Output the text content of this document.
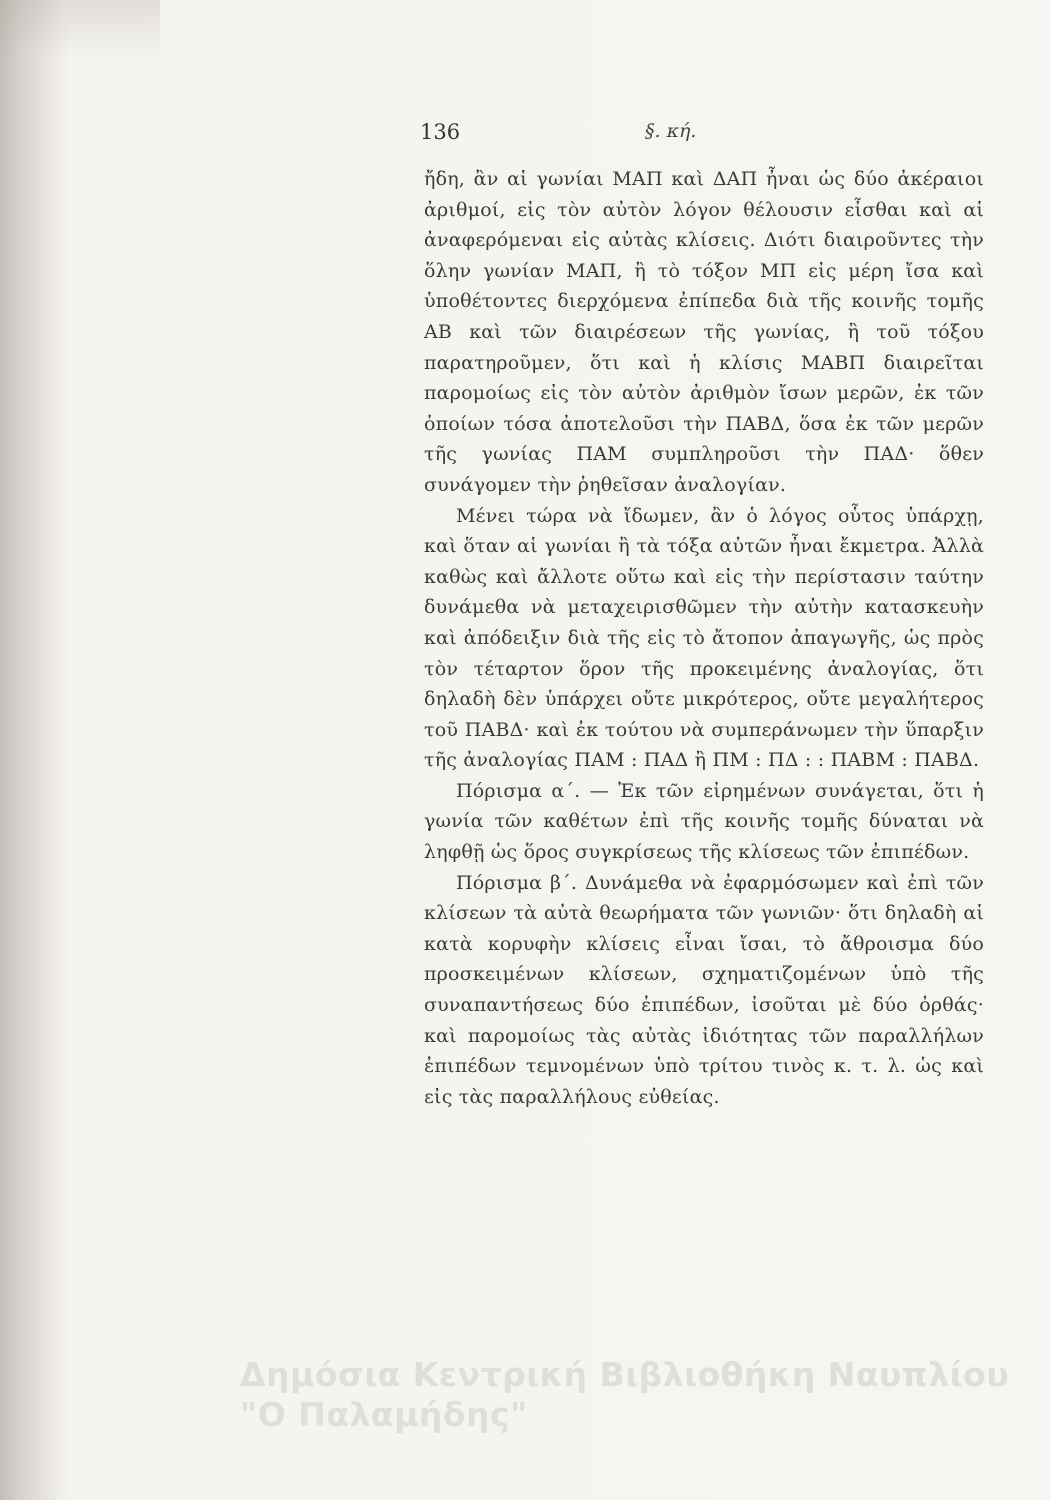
136	§. κή.

ἤδη, ἂν αἱ γωνίαι ΜΑΠ καὶ ΔΑΠ ἦναι ὡς δύο ἀκέραιοι ἀριθμοί, εἰς τὸν αὐτὸν λόγον θέλουσιν εἶσθαι καὶ αἱ ἀναφερόμεναι εἰς αὐτὰς κλίσεις. Διότι διαιροῦντες τὴν ὅλην γωνίαν ΜΑΠ, ἢ τὸ τόξον ΜΠ εἰς μέρη ἴσα καὶ ὑποθέτοντες διερχόμενα ἐπίπεδα διὰ τῆς κοινῆς τομῆς ΑΒ καὶ τῶν διαιρέσεων τῆς γωνίας, ἢ τοῦ τόξου παρατηροῦμεν, ὅτι καὶ ἡ κλίσις ΜΑΒΠ διαιρεῖται παρομοίως εἰς τὸν αὐτὸν ἀριθμὸν ἴσων μερῶν, ἐκ τῶν ὁποίων τόσα ἀποτελοῦσι τὴν ΠΑΒΔ, ὅσα ἐκ τῶν μερῶν τῆς γωνίας ΠΑΜ συμπληροῦσι τὴν ΠΑΔ· ὅθεν συνάγομεν τὴν ῥηθεῖσαν ἀναλογίαν.

Μένει τώρα νὰ ἴδωμεν, ἂν ὁ λόγος οὗτος ὑπάρχῃ, καὶ ὅταν αἱ γωνίαι ἢ τὰ τόξα αὐτῶν ἦναι ἔκμετρα. Ἀλλὰ καθὼς καὶ ἄλλοτε οὕτω καὶ εἰς τὴν περίστασιν ταύτην δυνάμεθα νὰ μεταχειρισθῶμεν τὴν αὐτὴν κατασκευὴν καὶ ἀπόδειξιν διὰ τῆς εἰς τὸ ἄτοπον ἀπαγωγῆς, ὡς πρὸς τὸν τέταρτον ὅρον τῆς προκειμένης ἀναλογίας, ὅτι δηλαδὴ δὲν ὑπάρχει οὔτε μικρότερος, οὔτε μεγαλήτερος τοῦ ΠΑΒΔ· καὶ ἐκ τούτου νὰ συμπεράνωμεν τὴν ὕπαρξιν τῆς ἀναλογίας ΠΑΜ : ΠΑΔ ἢ ΠΜ : ΠΔ : : ΠΑΒΜ : ΠΑΒΔ.

Πόρισμα α΄. — Ἐκ τῶν εἰρημένων συνάγεται, ὅτι ἡ γωνία τῶν καθέτων ἐπὶ τῆς κοινῆς τομῆς δύναται νὰ ληφθῇ ὡς ὅρος συγκρίσεως τῆς κλίσεως τῶν ἐπιπέδων.

Πόρισμα β΄. Δυνάμεθα νὰ ἐφαρμόσωμεν καὶ ἐπὶ τῶν κλίσεων τὰ αὐτὰ θεωρήματα τῶν γωνιῶν· ὅτι δηλαδὴ αἱ κατὰ κορυφὴν κλίσεις εἶναι ἴσαι, τὸ ἄθροισμα δύο προσκειμένων κλίσεων, σχηματιζομένων ὑπὸ τῆς συναπαντήσεως δύο ἐπιπέδων, ἰσοῦται μὲ δύο ὀρθάς· καὶ παρομοίως τὰς αὐτὰς ἰδιότητας τῶν παραλλήλων ἐπιπέδων τεμνομένων ὑπὸ τρίτου τινὸς κ. τ. λ. ὡς καὶ εἰς τὰς παραλλήλους εὐθείας.

Δημόσια Κεντρική Βιβλιοθήκη Ναυπλίου
"Ο Παλαμήδης"
